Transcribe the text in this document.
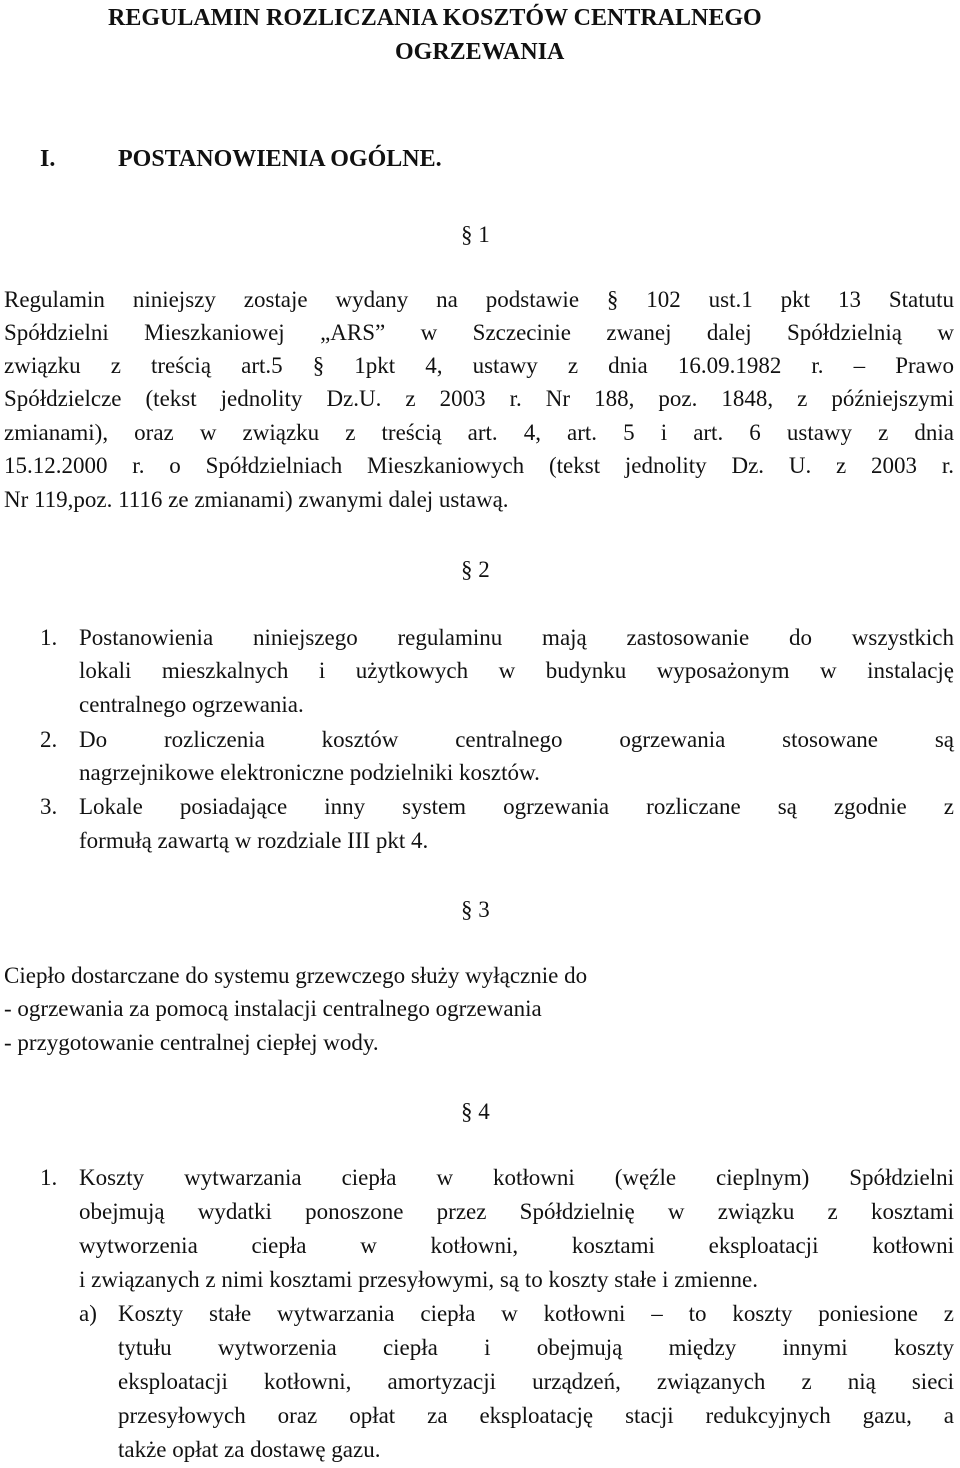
REGULAMIN ROZLICZANIA KOSZTÓW CENTRALNEGO
OGRZEWANIA
I.	POSTANOWIENIA OGÓLNE.
§ 1
Regulamin niniejszy zostaje wydany na podstawie § 102 ust.1 pkt 13 Statutu
Spółdzielni Mieszkaniowej „ARS” w Szczecinie zwanej dalej Spółdzielnią w
związku z treścią art.5 § 1pkt 4, ustawy z dnia 16.09.1982 r. – Prawo
Spółdzielcze (tekst jednolity Dz.U. z 2003 r. Nr 188, poz. 1848, z późniejszymi
zmianami), oraz w związku z treścią art. 4, art. 5 i art. 6 ustawy z dnia
15.12.2000 r. o Spółdzielniach Mieszkaniowych (tekst jednolity Dz. U. z 2003 r.
Nr 119,poz. 1116 ze zmianami) zwanymi dalej ustawą.
§ 2
1. Postanowienia niniejszego regulaminu mają zastosowanie do wszystkich
lokali mieszkalnych i użytkowych w budynku wyposażonym w instalację
centralnego ogrzewania.
2. Do rozliczenia kosztów centralnego ogrzewania stosowane są
nagrzejnikowe elektroniczne podzielniki kosztów.
3. Lokale posiadające inny system ogrzewania rozliczane są zgodnie z
formułą zawartą w rozdziale III pkt 4.
§ 3
Ciepło dostarczane do systemu grzewczego służy wyłącznie do
- ogrzewania za pomocą instalacji centralnego ogrzewania
- przygotowanie centralnej ciepłej wody.
§ 4
1. Koszty wytwarzania ciepła w kotłowni (węźle cieplnym) Spółdzielni
obejmują wydatki ponoszone przez Spółdzielnię w związku z kosztami
wytworzenia ciepła w kotłowni, kosztami eksploatacji kotłowni
i związanych z nimi kosztami przesyłowymi, są to koszty stałe i zmienne.
a) Koszty stałe wytwarzania ciepła w kotłowni – to koszty poniesione z
tytułu wytworzenia ciepła i obejmują między innymi koszty
eksploatacji kotłowni, amortyzacji urządzeń, związanych z nią sieci
przesyłowych oraz opłat za eksploatację stacji redukcyjnych gazu, a
także opłat za dostawę gazu.
